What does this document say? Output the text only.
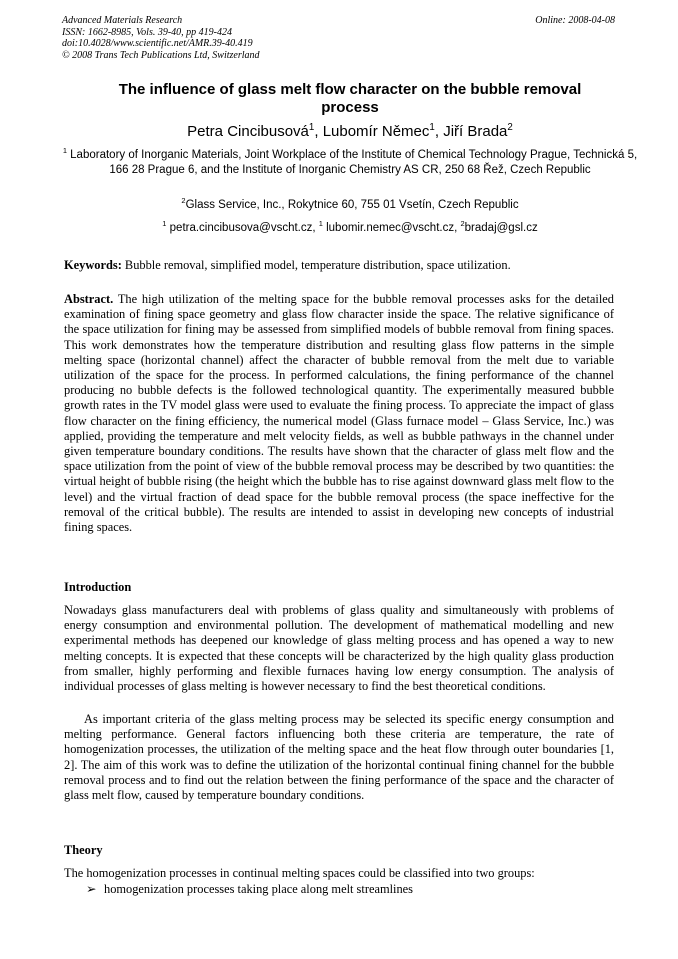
Advanced Materials Research
ISSN: 1662-8985, Vols. 39-40, pp 419-424
doi:10.4028/www.scientific.net/AMR.39-40.419
© 2008 Trans Tech Publications Ltd, Switzerland
Online: 2008-04-08
The influence of glass melt flow character on the bubble removal process
Petra Cincibusová$^1$, Lubomír Němec$^1$, Jiří Brada$^2$
$^1$ Laboratory of Inorganic Materials, Joint Workplace of the Institute of Chemical Technology Prague, Technická 5, 166 28 Prague 6, and the Institute of Inorganic Chemistry AS CR, 250 68 Řež, Czech Republic
$^2$Glass Service, Inc., Rokytnice 60, 755 01 Vsetín, Czech Republic
$^1$ petra.cincibusova@vscht.cz, $^1$ lubomir.nemec@vscht.cz, $^2$bradaj@gsl.cz
Keywords: Bubble removal, simplified model, temperature distribution, space utilization.
Abstract. The high utilization of the melting space for the bubble removal processes asks for the detailed examination of fining space geometry and glass flow character inside the space. The relative significance of the space utilization for fining may be assessed from simplified models of bubble removal from fining spaces. This work demonstrates how the temperature distribution and resulting glass flow patterns in the simple melting space (horizontal channel) affect the character of bubble removal from the melt due to variable utilization of the space for the process. In performed calculations, the fining performance of the channel producing no bubble defects is the followed technological quantity. The experimentally measured bubble growth rates in the TV model glass were used to evaluate the fining process. To appreciate the impact of glass flow character on the fining efficiency, the numerical model (Glass furnace model – Glass Service, Inc.) was applied, providing the temperature and melt velocity fields, as well as bubble pathways in the channel under given temperature boundary conditions. The results have shown that the character of glass melt flow and the space utilization from the point of view of the bubble removal process may be described by two quantities: the virtual height of bubble rising (the height which the bubble has to rise against downward glass melt flow to the level) and the virtual fraction of dead space for the bubble removal process (the space ineffective for the removal of the critical bubble). The results are intended to assist in developing new concepts of industrial fining spaces.
Introduction
Nowadays glass manufacturers deal with problems of glass quality and simultaneously with problems of energy consumption and environmental pollution. The development of mathematical modelling and new experimental methods has deepened our knowledge of glass melting process and has opened a way to new melting concepts. It is expected that these concepts will be characterized by the high quality glass production from smaller, highly performing and flexible furnaces having low energy consumption. The analysis of individual processes of glass melting is however necessary to find the best theoretical conditions.
As important criteria of the glass melting process may be selected its specific energy consumption and melting performance. General factors influencing both these criteria are temperature, the rate of homogenization processes, the utilization of the melting space and the heat flow through outer boundaries [1, 2]. The aim of this work was to define the utilization of the horizontal continual fining channel for the bubble removal process and to find out the relation between the fining performance of the space and the character of glass melt flow, caused by temperature boundary conditions.
Theory
The homogenization processes in continual melting spaces could be classified into two groups:
➢ homogenization processes taking place along melt streamlines
